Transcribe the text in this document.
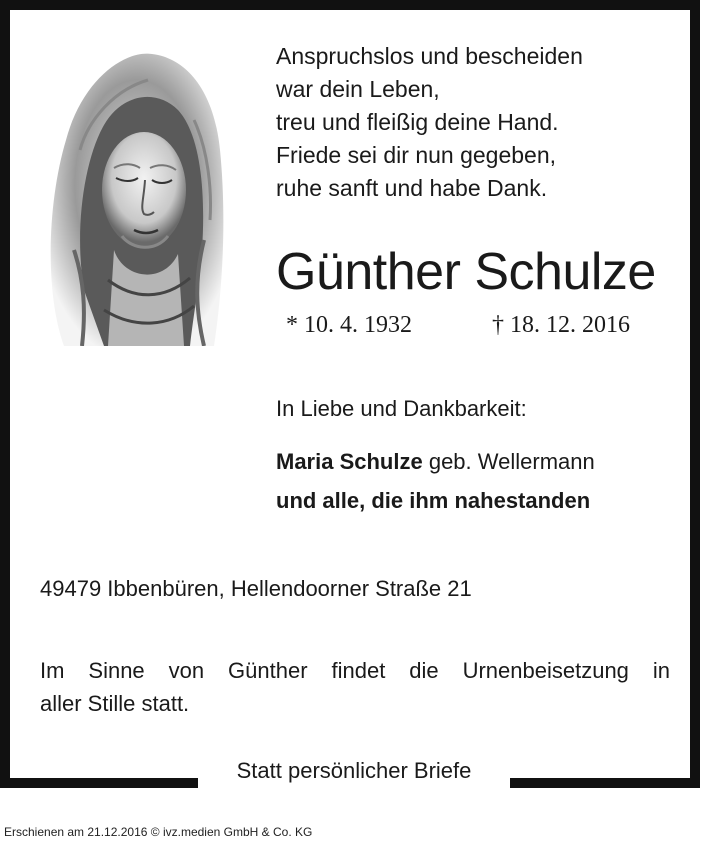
Anspruchslos und bescheiden
war dein Leben,
treu und fleißig deine Hand.
Friede sei dir nun gegeben,
ruhe sanft und habe Dank.
Günther Schulze
* 10. 4. 1932	† 18. 12. 2016
In Liebe und Dankbarkeit:
Maria Schulze geb. Wellermann
und alle, die ihm nahestanden
49479 Ibbenbüren, Hellendoorner Straße 21
Im Sinne von Günther findet die Urnenbeisetzung in
aller Stille statt.
Statt persönlicher Briefe
Erschienen am 21.12.2016 © ivz.medien GmbH & Co. KG
